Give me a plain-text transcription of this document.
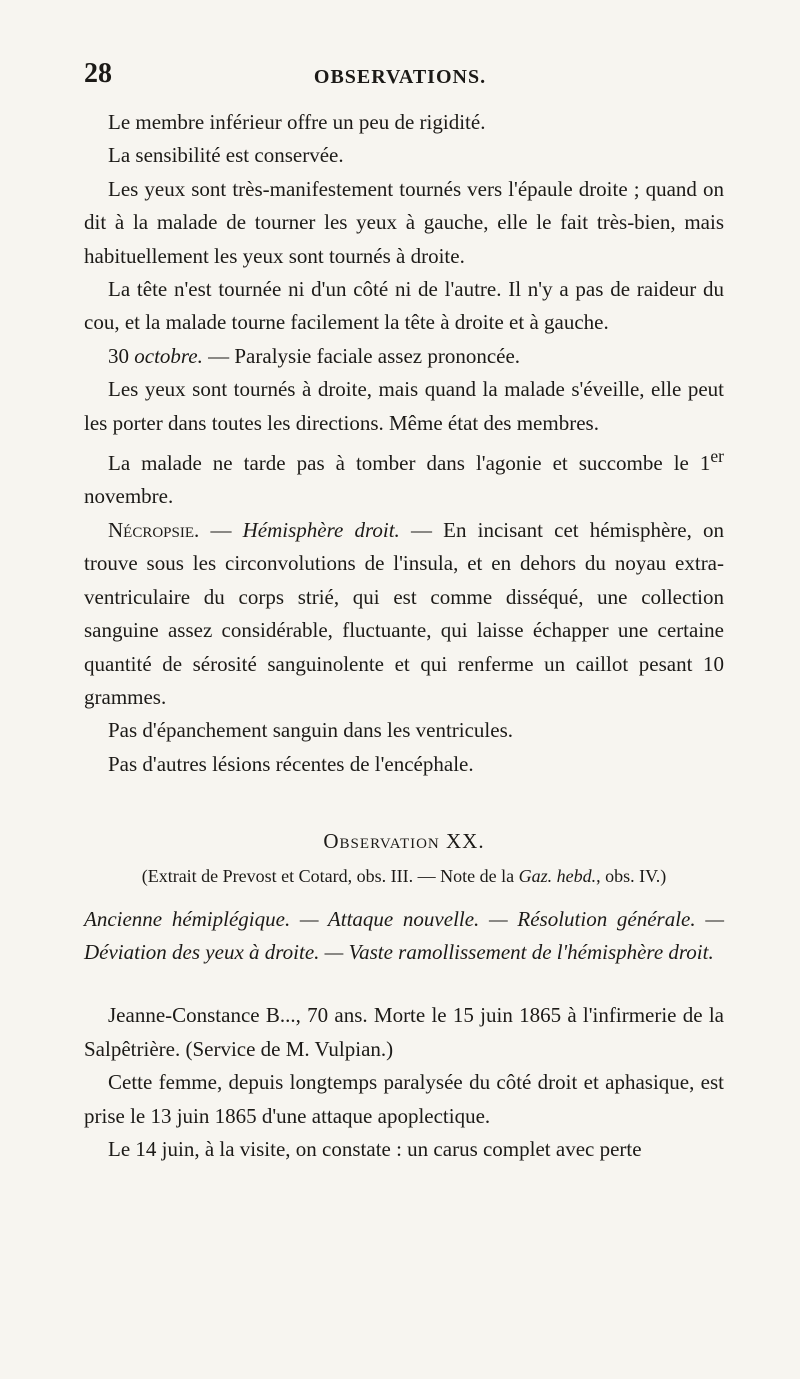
28	OBSERVATIONS.

Le membre inférieur offre un peu de rigidité.

La sensibilité est conservée.

Les yeux sont très-manifestement tournés vers l'épaule droite ; quand on dit à la malade de tourner les yeux à gauche, elle le fait très-bien, mais habituellement les yeux sont tournés à droite.

La tête n'est tournée ni d'un côté ni de l'autre. Il n'y a pas de raideur du cou, et la malade tourne facilement la tête à droite et à gauche.

30 octobre. — Paralysie faciale assez prononcée.

Les yeux sont tournés à droite, mais quand la malade s'éveille, elle peut les porter dans toutes les directions. Même état des membres.

La malade ne tarde pas à tomber dans l'agonie et succombe le 1er novembre.

Nécropsie. — Hémisphère droit. — En incisant cet hémisphère, on trouve sous les circonvolutions de l'insula, et en dehors du noyau extra-ventriculaire du corps strié, qui est comme disséqué, une collection sanguine assez considérable, fluctuante, qui laisse échapper une certaine quantité de sérosité sanguinolente et qui renferme un caillot pesant 10 grammes.

Pas d'épanchement sanguin dans les ventricules.

Pas d'autres lésions récentes de l'encéphale.

Observation XX.

(Extrait de Prevost et Cotard, obs. III. — Note de la Gaz. hebd., obs. IV.)

Ancienne hémiplégique. — Attaque nouvelle. — Résolution générale. — Déviation des yeux à droite. — Vaste ramollissement de l'hémisphère droit.

Jeanne-Constance B..., 70 ans. Morte le 15 juin 1865 à l'infirmerie de la Salpêtrière. (Service de M. Vulpian.)

Cette femme, depuis longtemps paralysée du côté droit et aphasique, est prise le 13 juin 1865 d'une attaque apoplectique.

Le 14 juin, à la visite, on constate : un carus complet avec perte
